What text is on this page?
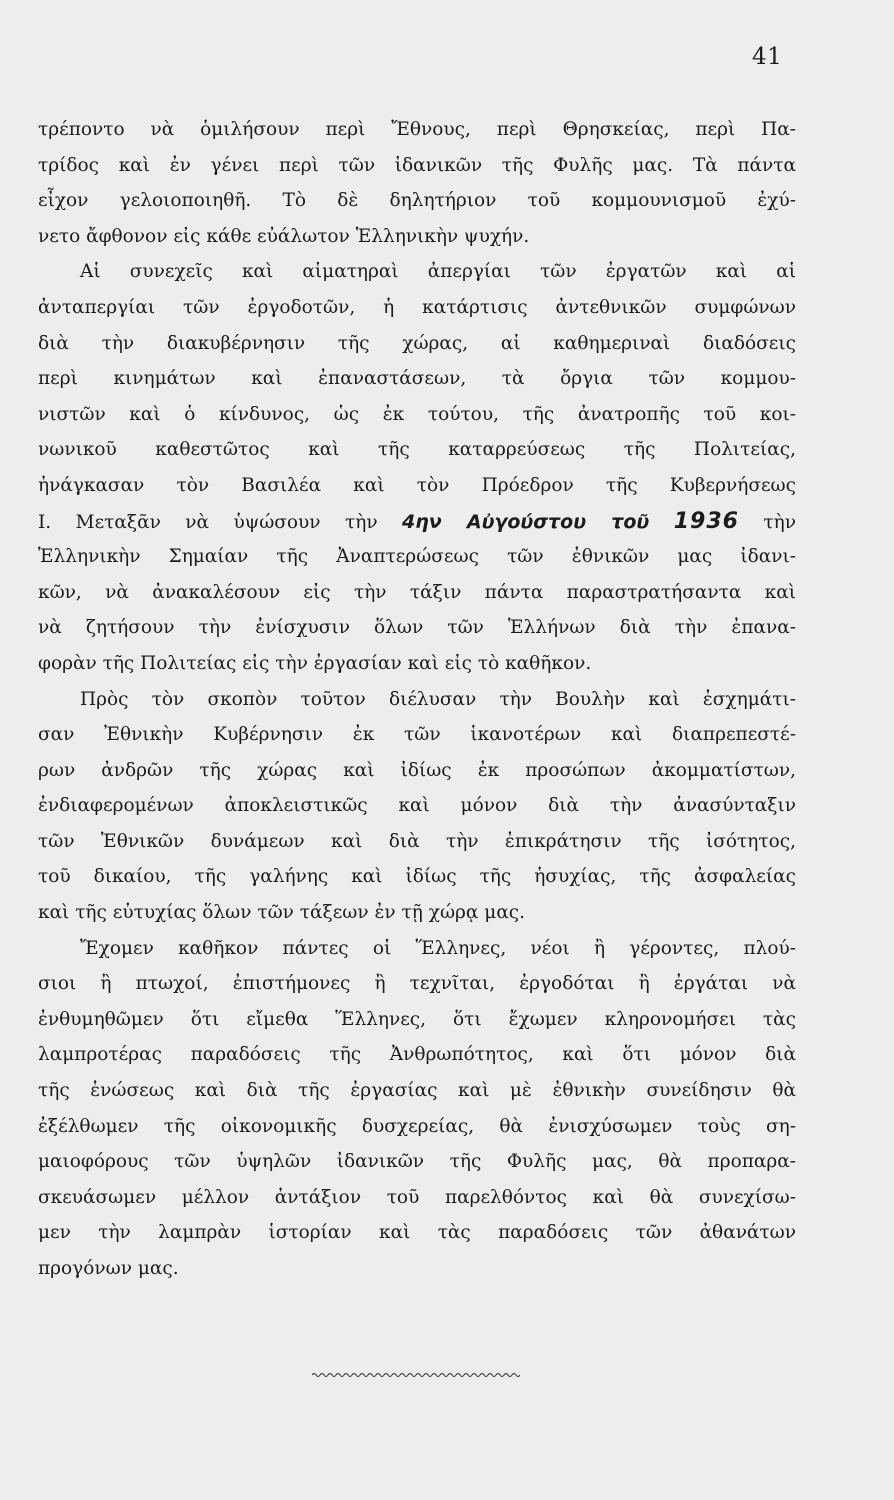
41
τρέποντο νὰ ὁμιλήσουν περὶ Ἔθνους, περὶ Θρησκείας, περὶ Πα-
τρίδος καὶ ἐν γένει περὶ τῶν ἰδανικῶν τῆς Φυλῆς μας. Τὰ πάντα
εἶχον γελοιοποιηθῆ. Τὸ δὲ δηλητήριον τοῦ κομμουνισμοῦ ἐχύ-
νετο ἄφθονον εἰς κάθε εὐάλωτον Ἑλληνικὴν ψυχήν.
Αἱ συνεχεῖς καὶ αἱματηραὶ ἀπεργίαι τῶν ἐργατῶν καὶ αἱ
ἀνταπεργίαι τῶν ἐργοδοτῶν, ἡ κατάρτισις ἀντεθνικῶν συμφώνων
διὰ τὴν διακυβέρνησιν τῆς χώρας, αἱ καθημεριναὶ διαδόσεις
περὶ κινημάτων καὶ ἐπαναστάσεων, τὰ ὄργια τῶν κομμου-
νιστῶν καὶ ὁ κίνδυνος, ὡς ἐκ τούτου, τῆς ἀνατροπῆς τοῦ κοι-
νωνικοῦ καθεστῶτος καὶ τῆς καταρρεύσεως τῆς Πολιτείας,
ἠνάγκασαν τὸν Βασιλέα καὶ τὸν Πρόεδρον τῆς Κυβερνήσεως
Ι. Μεταξᾶν νὰ ὑψώσουν τὴν 4ην Αὐγούστου τοῦ 1936 τὴν
Ἑλληνικὴν Σημαίαν τῆς Ἀναπτερώσεως τῶν ἐθνικῶν μας ἰδανι-
κῶν, νὰ ἀνακαλέσουν εἰς τὴν τάξιν πάντα παραστρατήσαντα καὶ
νὰ ζητήσουν τὴν ἐνίσχυσιν ὅλων τῶν Ἑλλήνων διὰ τὴν ἐπανα-
φορὰν τῆς Πολιτείας εἰς τὴν ἐργασίαν καὶ εἰς τὸ καθῆκον.
Πρὸς τὸν σκοπὸν τοῦτον διέλυσαν τὴν Βουλὴν καὶ ἐσχημάτι-
σαν Ἐθνικὴν Κυβέρνησιν ἐκ τῶν ἱκανοτέρων καὶ διαπρεπεστέ-
ρων ἀνδρῶν τῆς χώρας καὶ ἰδίως ἐκ προσώπων ἀκομματίστων,
ἐνδιαφερομένων ἀποκλειστικῶς καὶ μόνον διὰ τὴν ἀνασύνταξιν
τῶν Ἐθνικῶν δυνάμεων καὶ διὰ τὴν ἐπικράτησιν τῆς ἰσότητος,
τοῦ δικαίου, τῆς γαλήνης καὶ ἰδίως τῆς ἡσυχίας, τῆς ἀσφαλείας
καὶ τῆς εὐτυχίας ὅλων τῶν τάξεων ἐν τῇ χώρᾳ μας.
Ἔχομεν καθῆκον πάντες οἱ Ἕλληνες, νέοι ἢ γέροντες, πλού-
σιοι ἢ πτωχοί, ἐπιστήμονες ἢ τεχνῖται, ἐργοδόται ἢ ἐργάται νὰ
ἐνθυμηθῶμεν ὅτι εἴμεθα Ἕλληνες, ὅτι ἔχωμεν κληρονομήσει τὰς
λαμπροτέρας παραδόσεις τῆς Ἀνθρωπότητος, καὶ ὅτι μόνον διὰ
τῆς ἑνώσεως καὶ διὰ τῆς ἐργασίας καὶ μὲ ἐθνικὴν συνείδησιν θὰ
ἐξέλθωμεν τῆς οἰκονομικῆς δυσχερείας, θὰ ἐνισχύσωμεν τοὺς ση-
μαιοφόρους τῶν ὑψηλῶν ἰδανικῶν τῆς Φυλῆς μας, θὰ προπαρα-
σκευάσωμεν μέλλον ἀντάξιον τοῦ παρελθόντος καὶ θὰ συνεχίσω-
μεν τὴν λαμπρὰν ἱστορίαν καὶ τὰς παραδόσεις τῶν ἀθανάτων
προγόνων μας.
